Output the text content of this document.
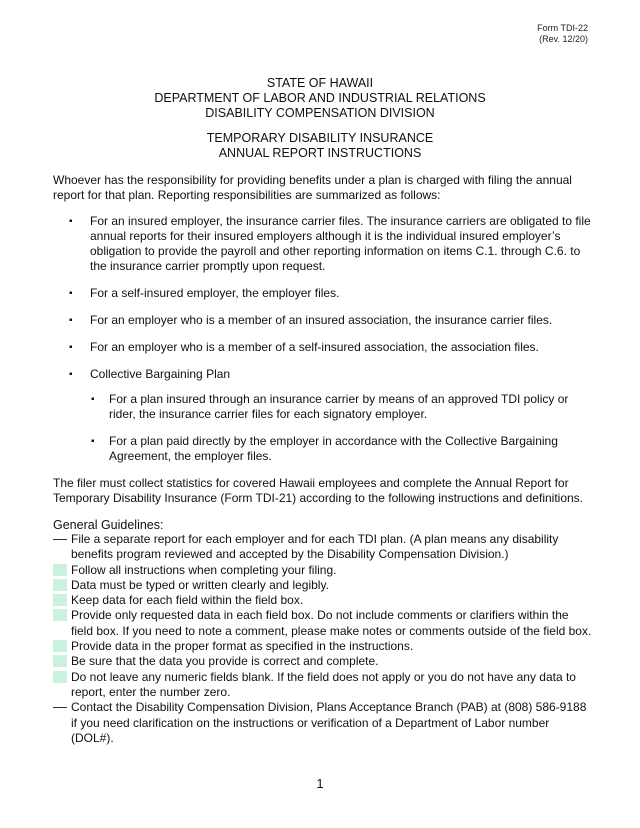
Form TDI-22
(Rev. 12/20)
STATE OF HAWAII
DEPARTMENT OF LABOR AND INDUSTRIAL RELATIONS
DISABILITY COMPENSATION DIVISION
TEMPORARY DISABILITY INSURANCE
ANNUAL REPORT INSTRUCTIONS

Whoever has the responsibility for providing benefits under a plan is charged with filing the annual report for that plan. Reporting responsibilities are summarized as follows:

▪ For an insured employer, the insurance carrier files. The insurance carriers are obligated to file annual reports for their insured employers although it is the individual insured employer’s obligation to provide the payroll and other reporting information on items C.1. through C.6. to the insurance carrier promptly upon request.
▪ For a self-insured employer, the employer files.
▪ For an employer who is a member of an insured association, the insurance carrier files.
▪ For an employer who is a member of a self-insured association, the association files.
▪ Collective Bargaining Plan
▪ For a plan insured through an insurance carrier by means of an approved TDI policy or rider, the insurance carrier files for each signatory employer.
▪ For a plan paid directly by the employer in accordance with the Collective Bargaining Agreement, the employer files.

The filer must collect statistics for covered Hawaii employees and complete the Annual Report for Temporary Disability Insurance (Form TDI-21) according to the following instructions and definitions.

General Guidelines:
File a separate report for each employer and for each TDI plan. (A plan means any disability benefits program reviewed and accepted by the Disability Compensation Division.)
Follow all instructions when completing your filing.
Data must be typed or written clearly and legibly.
Keep data for each field within the field box.
Provide only requested data in each field box. Do not include comments or clarifiers within the field box. If you need to note a comment, please make notes or comments outside of the field box.
Provide data in the proper format as specified in the instructions.
Be sure that the data you provide is correct and complete.
Do not leave any numeric fields blank. If the field does not apply or you do not have any data to report, enter the number zero.
Contact the Disability Compensation Division, Plans Acceptance Branch (PAB) at (808) 586-9188 if you need clarification on the instructions or verification of a Department of Labor number (DOL#).
1
